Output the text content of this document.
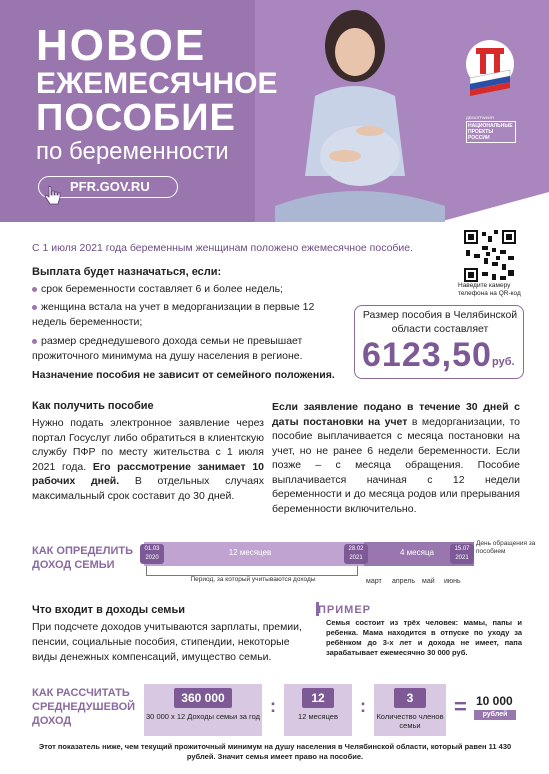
НОВОЕ
ЕЖЕМЕСЯЧНОЕ
ПОСОБИЕ
по беременности
PFR.GOV.RU
ДЕМОГРАФИЯ
НАЦИОНАЛЬНЫЕ ПРОЕКТЫ РОССИИ
Наведите камеру телефона на QR-код
С 1 июля 2021 года беременным женщинам положено ежемесячное пособие.
Выплата будет назначаться, если:
срок беременности составляет 6 и более недель;
женщина встала на учет в медорганизации в первые 12 недель беременности;
размер среднедушевого дохода семьи не превышает прожиточного минимума на душу населения в регионе.
Назначение пособия не зависит от семейного положения.
Размер пособия в Челябинской области составляет
6123,50 руб.
Как получить пособие
Нужно подать электронное заявление через портал Госуслуг либо обратиться в клиентскую службу ПФР по месту жительства с 1 июля 2021 года. Его рассмотрение занимает 10 рабочих дней. В отдельных случаях максимальный срок составит до 30 дней.
Если заявление подано в течение 30 дней с даты постановки на учет в медорганизации, то пособие выплачивается с месяца постановки на учет, но не ранее 6 недели беременности. Если позже – с месяца обращения. Пособие выплачивается начиная с 12 недели беременности и до месяца родов или прерывания беременности включительно.
КАК ОПРЕДЕЛИТЬ ДОХОД СЕМЬИ
01.03 2020
28.02 2021
15.07 2021
12 месяцев	4 месяца
День обращения за пособием
Период, за который учитываются доходы	март апрель май июнь
Что входит в доходы семьи
При подсчете доходов учитываются зарплаты, премии, пенсии, социальные пособия, стипендии, некоторые виды денежных компенсаций, имущество семьи.
ПРИМЕР
Семья состоит из трёх человек: мамы, папы и ребенка. Мама находится в отпуске по уходу за ребёнком до 3-х лет и дохода не имеет, папа зарабатывает ежемесячно 30 000 руб.
КАК РАССЧИТАТЬ СРЕДНЕДУШЕВОЙ ДОХОД
360 000
30 000 х 12 Доходы семьи за год
:	12
12 месяцев
:	3
Количество членов семьи
= 10 000
рублей
Этот показатель ниже, чем текущий прожиточный минимум на душу населения в Челябинской области, который равен 11 430 рублей. Значит семья имеет право на пособие.
